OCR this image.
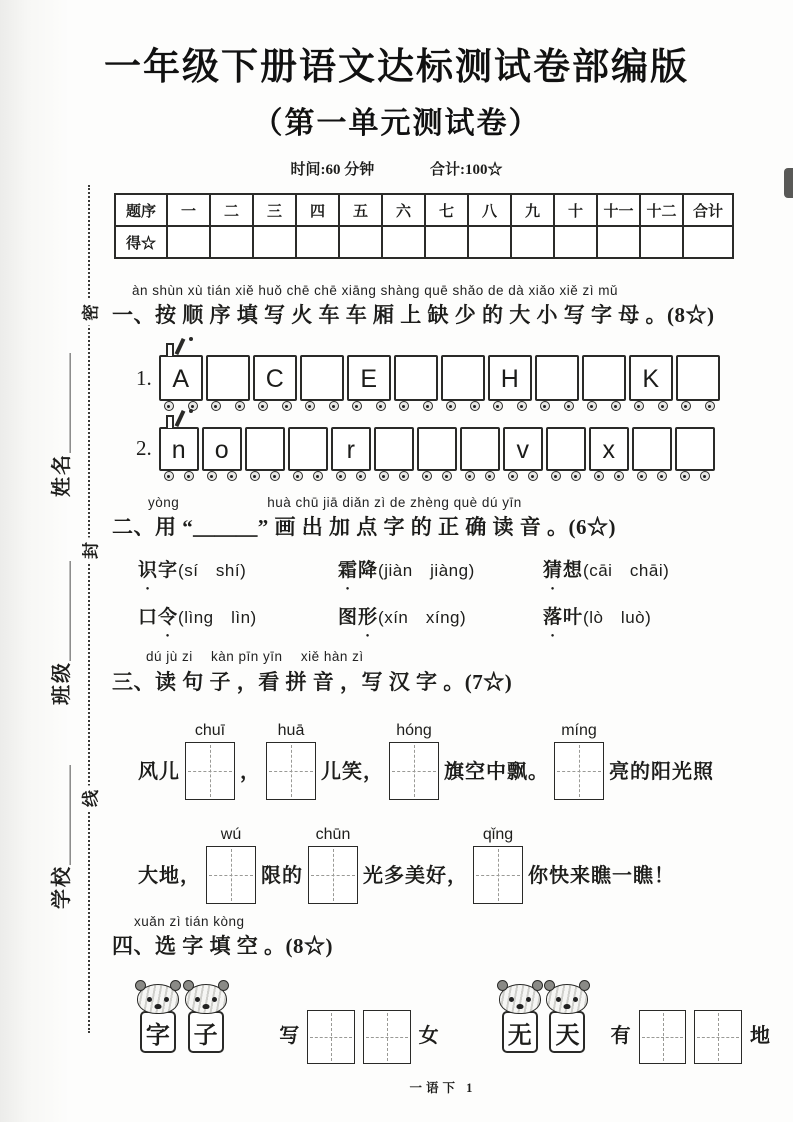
密
封
线
姓名＿＿＿＿＿
班级＿＿＿＿＿
学校＿＿＿＿＿
一年级下册语文达标测试卷部编版
（第一单元测试卷）
时间:60 分钟	合计:100☆
题序	一	二	三	四	五	六	七	八	九	十	十一	十二	合计
得☆													
àn shùn xù tián xiě huǒ chē chē xiāng shàng quē shǎo de dà xiǎo xiě zì mǔ
一、按 顺 序 填 写 火 车 车 厢 上 缺 少 的 大 小 写 字 母 。(8☆)
1. A	C	E	H	K
2. n	o	r	v	x
yòng	huà chū jiā diǎn zì de zhèng què dú yīn
二、用 “＿＿＿” 画 出 加 点 字 的 正 确 读 音 。(6☆)
识 ●字(sí　shí)	霜 ●降(jiàn　jiàng)	猜 ●想(cāi　chāi)
口令 ●(lìng　lìn)	图形 ●(xín　xíng)	落 ●叶(lò　luò)
dú jù zi　 kàn pīn yīn　 xiě hàn zì
三、读 句 子 ，看 拼 音 ，写 汉 字 。(7☆)
风儿
chuī
，
huā
儿笑，
hóng
旗空中飘。
míng
亮的阳光照
大地，
wú
限的
chūn
光多美好，
qǐng
你快来瞧一瞧！
xuǎn zì tián kòng
四、选 字 填 空 。(8☆)
字 子	写	女	无 天 有	地
一语下 1
